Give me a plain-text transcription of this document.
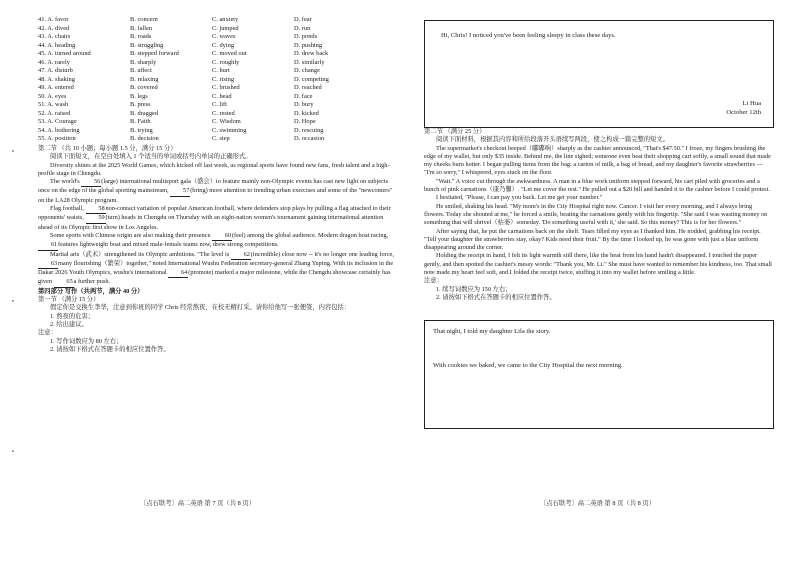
41. A. favor	B. concern	C. anxiety	D. fear
42. A. dived	B. fallen	C. jumped	D. run
43. A. chairs	B. roads	C. waves	D. ponds
44. A. heading	B. struggling	C. dying	D. pushing
45. A. turned around	B. stepped forward	C. moved out	D. drew back
46. A. rarely	B. sharply	C. roughly	D. similarly
47. A. disturb	B. affect	C. hurt	D. change
48. A. shaking	B. relaxing	C. rising	D. competing
49. A. entered	B. covered	C. brushed	D. reached
50. A. eyes	B. legs	C. head	D. face
51. A. wash	B. press	C. lift	D. bury
52. A. raised	B. dragged	C. rested	D. kicked
53. A. Courage	B. Faith	C. Wisdom	D. Hope
54. A. bothering	B. trying	C. swimming	D. rescuing
55. A. position	B. decision	C. step	D. occasion

第二节 （共 10 小题；每小题 1.5 分，满分 15 分）

阅读下面短文，在空白处填入 1 个适当的单词或括号内单词的正确形式。

Diversity shines at the 2025 World Games, which kicked off last week, as regional sports have found new fans, fresh talent and a high-profile stage in Chengdu.

The world's 56(large) international multisport gala（盛会）to feature mainly non-Olympic events has cast new light on subjects once on the edge of the global sporting mainstream, 57(bring) more attention to trending urban exercises and some of the "newcomers" on the LA28 Olympic program.

Flag football, 58non-contact variation of popular American football, where defenders stop plays by pulling a flag attached to their opponents' waists, 59(turn) heads in Chengdu on Thursday with an eight-nation women's tournament gaining international attention ahead of its Olympic first show in Los Angeles.

Some sports with Chinese origin are also making their presence 60(feel) among the global audience. Modern dragon boat racing, 61features lightweight boat and mixed male-female teams now, drew strong competitions.

Martial arts（武术）strengthened its Olympic ambitions. "The level is 62(incredible) close now -- it's no longer one leading force, 63many flourishing（繁荣）together," noted International Wushu Federation secretary-general Zhang Yuping. With its inclusion in the Dakar 2026 Youth Olympics, wushu's international 64(promote) marked a major milestone, while the Chengdu showcase certainly has given 65a further push.

第四部分 写作（共两节，满分 40 分）

第一节 （满分 15 分）

假定你是交换生李华，注意到你班的同学 Chris 经常熬夜，在校无精打采。请你给他写一张便签，内容包括：

1. 熬夜的危害；

2. 给出建议。

注意：

1. 写作词数应为 80 左右；

2. 请按如下格式在答题卡的相应位置作答。

〔点石联考〕高二英语 第 7 页（共 8 页）
Hi, Chris! I noticed you've been feeling sleepy in class these days.
Li Hua
October 12th

第二节 （满分 25 分）

阅读下面材料，根据其内容和所给段落开头语续写两段，使之构成一篇完整的短文。

The supermarket's checkout beeped（嘟嘟响）sharply as the cashier announced, "That's $47.50." I froze, my fingers brushing the edge of my wallet, but only $35 inside. Behind me, the line sighed; someone even beat their shopping cart softly, a small sound that made my cheeks burn hotter. I began pulling items from the bag: a carton of milk, a bag of bread, and my daughter's favorite strawberries — "I'm so sorry," I whispered, eyes stuck on the floor.

"Wait." A voice cut through the awkwardness. A man in a blue work uniform stepped forward, his cart piled with groceries and a bunch of pink carnations（康乃馨）. "Let me cover the rest." He pulled out a $20 bill and handed it to the cashier before I could protest.

I hesitated, "Please, I can pay you back. Let me get your number."

He smiled, shaking his head. "My mom's in the City Hospital right now. Cancer. I visit her every morning, and I always bring flowers. Today she shouted at me," he forced a smile, beating the carnations gently with his fingertip. "She said I was wasting money on something that will shrivel（枯萎）someday. 'Do something useful with it,' she said. So this money? This is for her flowers."

After saying that, he put the carnations back on the shelf. Tears filled my eyes as I thanked him. He nodded, grabbing his receipt. "Tell your daughter the strawberries stay, okay? Kids need their fruit." By the time I looked up, he was gone with just a blue uniform disappearing around the corner.

Holding the receipt in hand, I felt its light warmth still there, like the heat from his hand hadn't disappeared. I touched the paper gently, and then spotted the cashier's messy words: "Thank you, Mr. Li." She must have wanted to remember his kindness, too. That small note made my heart feel soft, and I folded the receipt twice, stuffing it into my wallet before smiling a little.

注意：

1. 续写词数应为 150 左右；

2. 请按如下格式在答题卡的相应位置作答。

That night, I told my daughter Lila the story.
With cookies we baked, we came to the City Hospital the next morning.
〔点石联考〕高二英语 第 8 页（共 8 页）
